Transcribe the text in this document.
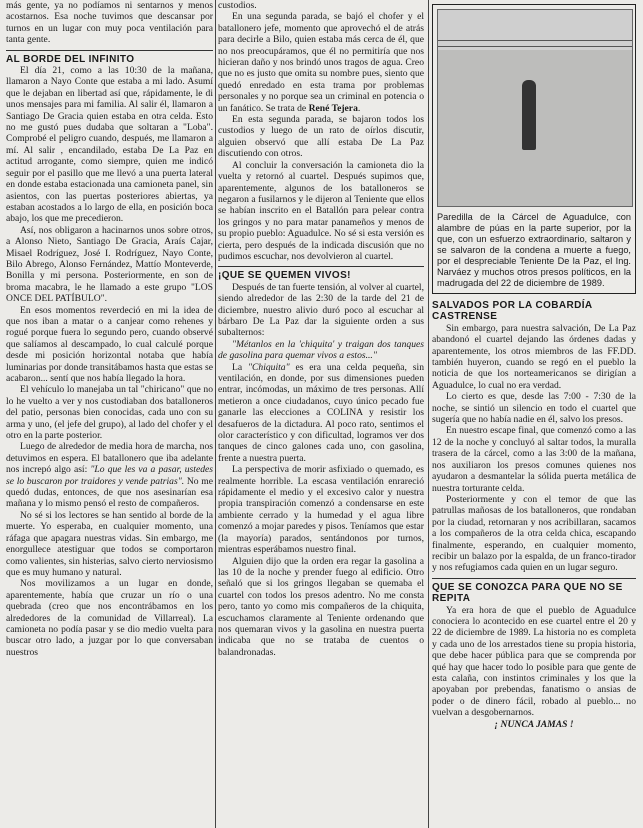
más gente, ya no podíamos ni sentarnos y menos acostarnos. Esa noche tuvimos que descansar por turnos en un lugar con muy poca ventilación para tanta gente.

AL BORDE DEL INFINITO

El día 21, como a las 10:30 de la mañana, llamaron a Nayo Conte que estaba a mi lado. Asumí que le dejaban en libertad así que, rápidamente, le di unos mensajes para mi familia. Al salir él, llamaron a Santiago De Gracia quien estaba en otra celda. Esto no me gustó pues dudaba que soltaran a "Loba". Comprobé el peligro cuando, después, me llamaron a mí. Al salir , encandilado, estaba De La Paz en actitud arrogante, como siempre, quien me indicó seguir por el pasillo que me llevó a una puerta lateral en donde estaba estacionada una camioneta panel, sin asientos, con las puertas posteriores abiertas, ya estaban acostados a lo largo de ella, en posición boca abajo, los que me precedieron.

Así, nos obligaron a hacinarnos unos sobre otros, a Alonso Nieto, Santiago De Gracia, Araís Cajar, Misael Rodríguez, José I. Rodríguez, Nayo Conte, Bilo Abrego, Alonso Fernández, Mattío Monteverde, Bonilla y mi persona. Posteriormente, en son de broma macabra, le he llamado a este grupo "LOS ONCE DEL PATÍBULO".

En esos momentos reverdeció en mi la idea de que nos iban a matar o a canjear como rehenes y rogué porque fuera lo segundo pero, cuando observé que salíamos al descampado, lo cual calculé porque desde mi posición horizontal notaba que había luminarias por donde transitábamos hasta que estas se acabaron... sentí que nos había llegado la hora.

El vehículo lo manejaba un tal "chiricano" que no lo he vuelto a ver y nos custodiaban dos batalloneros del patio, personas bien conocidas, cada uno con su arma y uno, (el jefe del grupo), al lado del chofer y el otro en la parte posterior.

Luego de alrededor de media hora de marcha, nos detuvimos en espera. El batallonero que iba adelante nos increpó algo así: "Lo que les va a pasar, ustedes se lo buscaron por traidores y vende patrias". No me quedó dudas, entonces, de que nos asesinarían esa mañana y lo mismo pensó el resto de compañeros.

No sé si los lectores se han sentido al borde de la muerte. Yo esperaba, en cualquier momento, una ráfaga que apagara nuestras vidas. Sin embargo, me enorgullece atestiguar que todos se comportaron como valientes, sin histerias, salvo cierto nerviosismo que es muy humano y natural.

Nos movilizamos a un lugar en donde, aparentemente, había que cruzar un río o una quebrada (creo que nos encontrábamos en los alrededores de la comunidad de Villarreal). La camioneta no podía pasar y se dio medio vuelta para buscar otro lado, a juzgar por lo que conversaban nuestros

custodios.

En una segunda parada, se bajó el chofer y el batallonero jefe, momento que aprovechó el de atrás para decirle a Bilo, quien estaba más cerca de él, que no nos preocupáramos, que él no permitiría que nos hicieran daño y nos brindó unos tragos de agua. Creo que no es justo que omita su nombre pues, siento que quedó enredado en esta trama por problemas personales y no porque sea un criminal en potencia o un fanático. Se trata de René Tejera.

En esta segunda parada, se bajaron todos los custodios y luego de un rato de oírlos discutir, alguien observó que allí estaba De La Paz discutiendo con otros.

Al concluir la conversación la camioneta dio la vuelta y retornó al cuartel. Después supimos que, aparentemente, algunos de los batalloneros se negaron a fusilarnos y le dijeron al Teniente que ellos se habían inscrito en el Batallón para pelear contra los gringos y no para matar panameños y menos de su propio pueblo: Aguadulce. No sé si esta versión es cierta, pero después de la indicada discusión que no pudimos escuchar, nos devolvieron al cuartel.

¡QUE SE QUEMEN VIVOS!

Después de tan fuerte tensión, al volver al cuartel, siendo alrededor de las 2:30 de la tarde del 21 de diciembre, nuestro alivio duró poco al escuchar al bárbaro De La Paz dar la siguiente orden a sus subalternos:

"Métanlos en la 'chiquita' y traigan dos tanques de gasolina para quemar vivos a estos..."

La "Chiquita" es era una celda pequeña, sin ventilación, en donde, por sus dimensiones pueden entrar, incómodas, un máximo de tres personas. Allí metieron a once ciudadanos, cuyo único pecado fue ganarle las elecciones a COLINA y resistir los desafueros de la dictadura. Al poco rato, sentimos el olor característico y con dificultad, logramos ver dos tanques de cinco galones cada uno, con gasolina, frente a nuestra puerta.

La perspectiva de morir asfixiado o quemado, es realmente horrible. La escasa ventilación enrareció rápidamente el medio y el excesivo calor y nuestra propia transpiración comenzó a condensarse en este ambiente cerrado y la humedad y el agua libre comenzó a mojar paredes y pisos. Teníamos que estar (la mayoría) parados, sentándonos por turnos, mientras esperábamos nuestro final.

Alguien dijo que la orden era regar la gasolina a las 10 de la noche y prender fuego al edificio. Otro señaló que si los gringos llegaban se quemaba el cuartel con todos los presos adentro. No me consta pero, tanto yo como mis compañeros de la chiquita, escuchamos claramente al Teniente ordenando que nos quemaran vivos y la gasolina en nuestra puerta indicaba que no se trataba de cuentos o balandronadas.

Paredilla de la Cárcel de Aguadulce, con alambre de púas en la parte superior, por la que, con un esfuerzo extraordinario, saltaron y se salvaron de la condena a muerte a fuego, por el despreciable Teniente De la Paz, el Ing. Narváez y muchos otros presos políticos, en la madrugada del 22 de diciembre de 1989.

SALVADOS POR LA COBARDÍA CASTRENSE

Sin embargo, para nuestra salvación, De La Paz abandonó el cuartel dejando las órdenes dadas y aparentemente, los otros miembros de las FF.DD. también huyeron, cuando se regó en el pueblo la noticia de que los norteamericanos se dirigían a Aguadulce, lo cual no era verdad.

Lo cierto es que, desde las 7:00 - 7:30 de la noche, se sintió un silencio en todo el cuartel que sugería que no había nadie en él, salvo los presos.

En nuestro escape final, que comenzó como a las 12 de la noche y concluyó al saltar todos, la muralla trasera de la cárcel, como a las 3:00 de la mañana, nos auxiliaron los presos comunes quienes nos ayudaron a desmantelar la sólida puerta metálica de nuestra torturante celda.

Posteriormente y con el temor de que las patrullas mañosas de los batalloneros, que rondaban por la ciudad, retornaran y nos acribillaran, sacamos a los compañeros de la otra celda chica, escapando finalmente, esperando, en cualquier momento, recibir un balazo por la espalda, de un franco-tirador y nos refugiamos cada quien en un lugar seguro.

QUE SE CONOZCA PARA QUE NO SE REPITA

Ya era hora de que el pueblo de Aguadulce conociera lo acontecido en ese cuartel entre el 20 y 22 de diciembre de 1989. La historia no es completa y cada uno de los arrestados tiene su propia historia, que debe hacer pública para que se comprenda por qué hay que hacer todo lo posible para que gente de esta calaña, con instintos criminales y los que la apoyaban por prebendas, fanatismo o ansias de poder o de dinero fácil, robado al pueblo... no vuelvan a desgobernarnos.

¡ NUNCA JAMAS !
